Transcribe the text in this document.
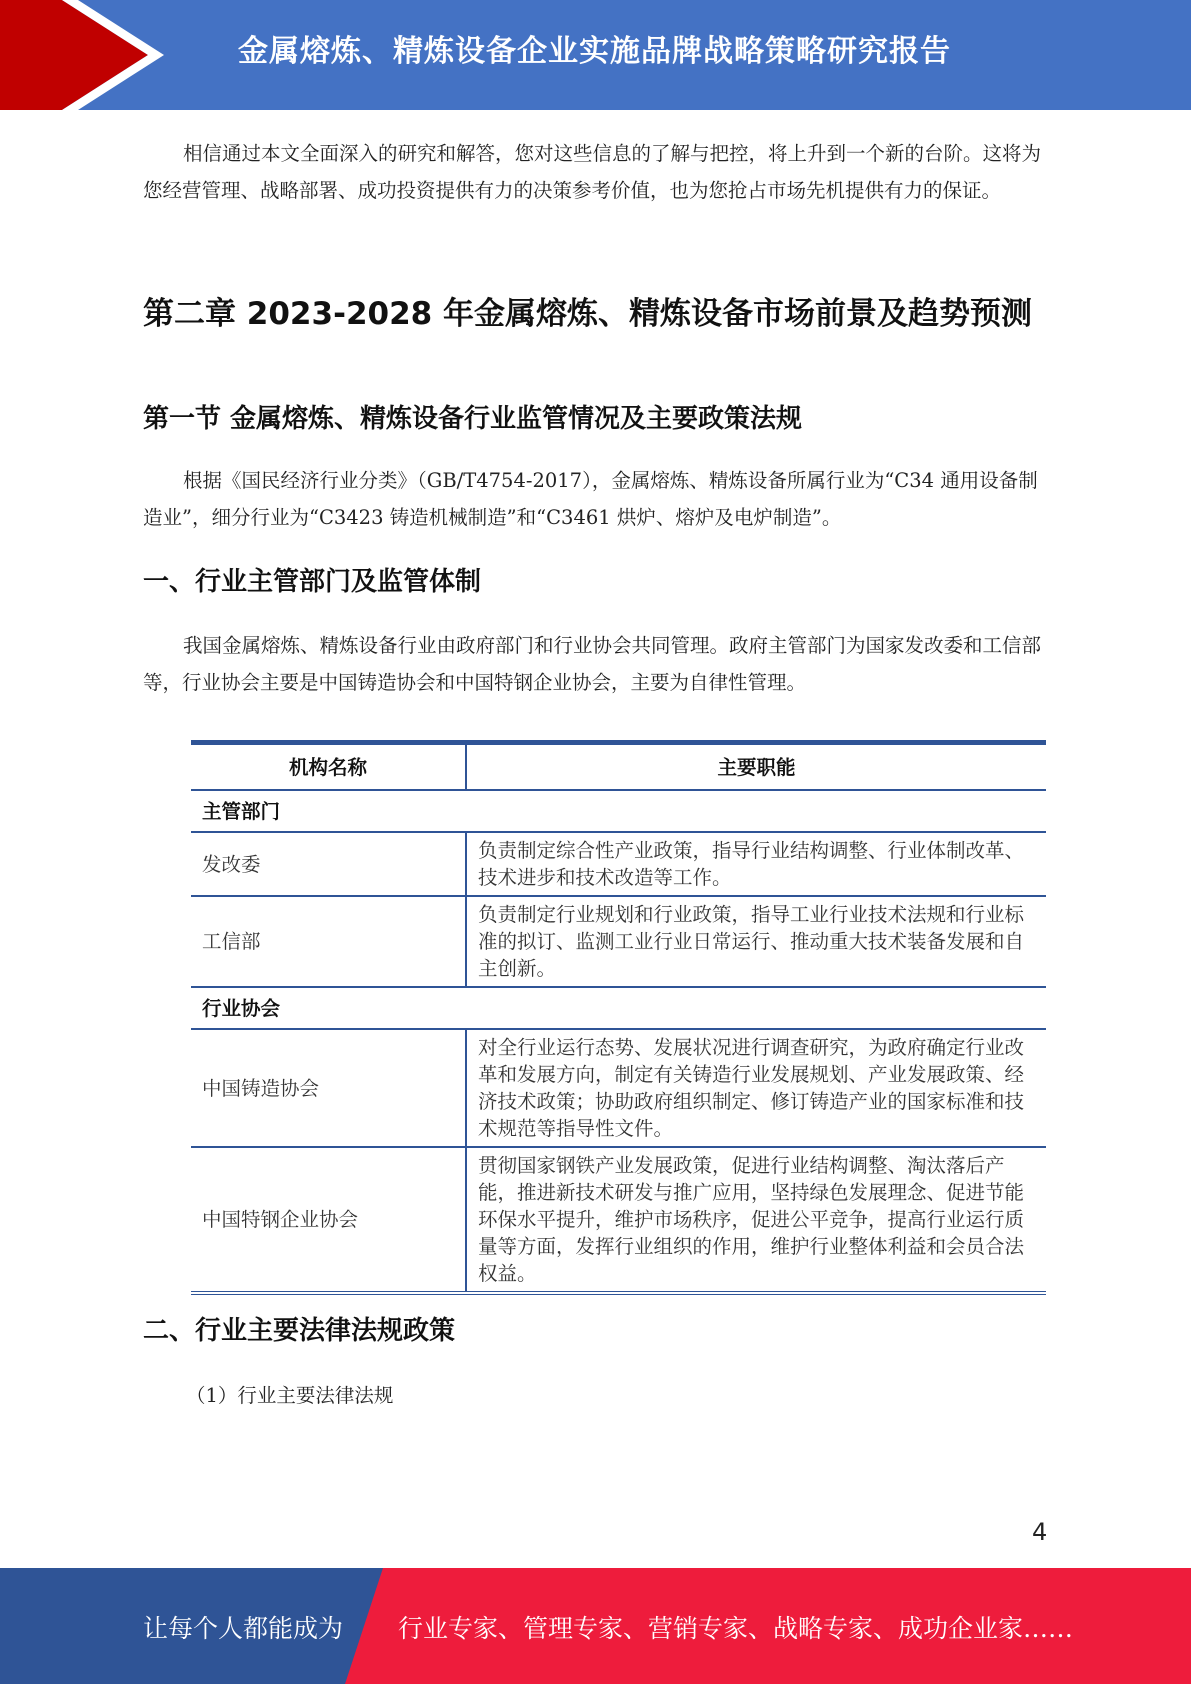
金属熔炼、精炼设备企业实施品牌战略策略研究报告

相信通过本文全面深入的研究和解答，您对这些信息的了解与把控，将上升到一个新的台阶。这将为您经营管理、战略部署、成功投资提供有力的决策参考价值，也为您抢占市场先机提供有力的保证。

第二章 2023-2028 年金属熔炼、精炼设备市场前景及趋势预测
第一节 金属熔炼、精炼设备行业监管情况及主要政策法规

根据《国民经济行业分类》（GB/T4754-2017），金属熔炼、精炼设备所属行业为“C34 通用设备制造业”，细分行业为“C3423 铸造机械制造”和“C3461 烘炉、熔炉及电炉制造”。

一、行业主管部门及监管体制

我国金属熔炼、精炼设备行业由政府部门和行业协会共同管理。政府主管部门为国家发改委和工信部等，行业协会主要是中国铸造协会和中国特钢企业协会，主要为自律性管理。

机构名称	主要职能
主管部门	
发改委	负责制定综合性产业政策，指导行业结构调整、行业体制改革、技术进步和技术改造等工作。
工信部	负责制定行业规划和行业政策，指导工业行业技术法规和行业标准的拟订、监测工业行业日常运行、推动重大技术装备发展和自主创新。
行业协会	
中国铸造协会	对全行业运行态势、发展状况进行调查研究，为政府确定行业改革和发展方向，制定有关铸造行业发展规划、产业发展政策、经济技术政策；协助政府组织制定、修订铸造产业的国家标准和技术规范等指导性文件。
中国特钢企业协会	贯彻国家钢铁产业发展政策，促进行业结构调整、淘汰落后产能，推进新技术研发与推广应用，坚持绿色发展理念、促进节能环保水平提升，维护市场秩序，促进公平竞争，提高行业运行质量等方面，发挥行业组织的作用，维护行业整体利益和会员合法权益。
二、行业主要法律法规政策

（1）行业主要法律法规

4
让每个人都能成为 行业专家、管理专家、营销专家、战略专家、成功企业家……
